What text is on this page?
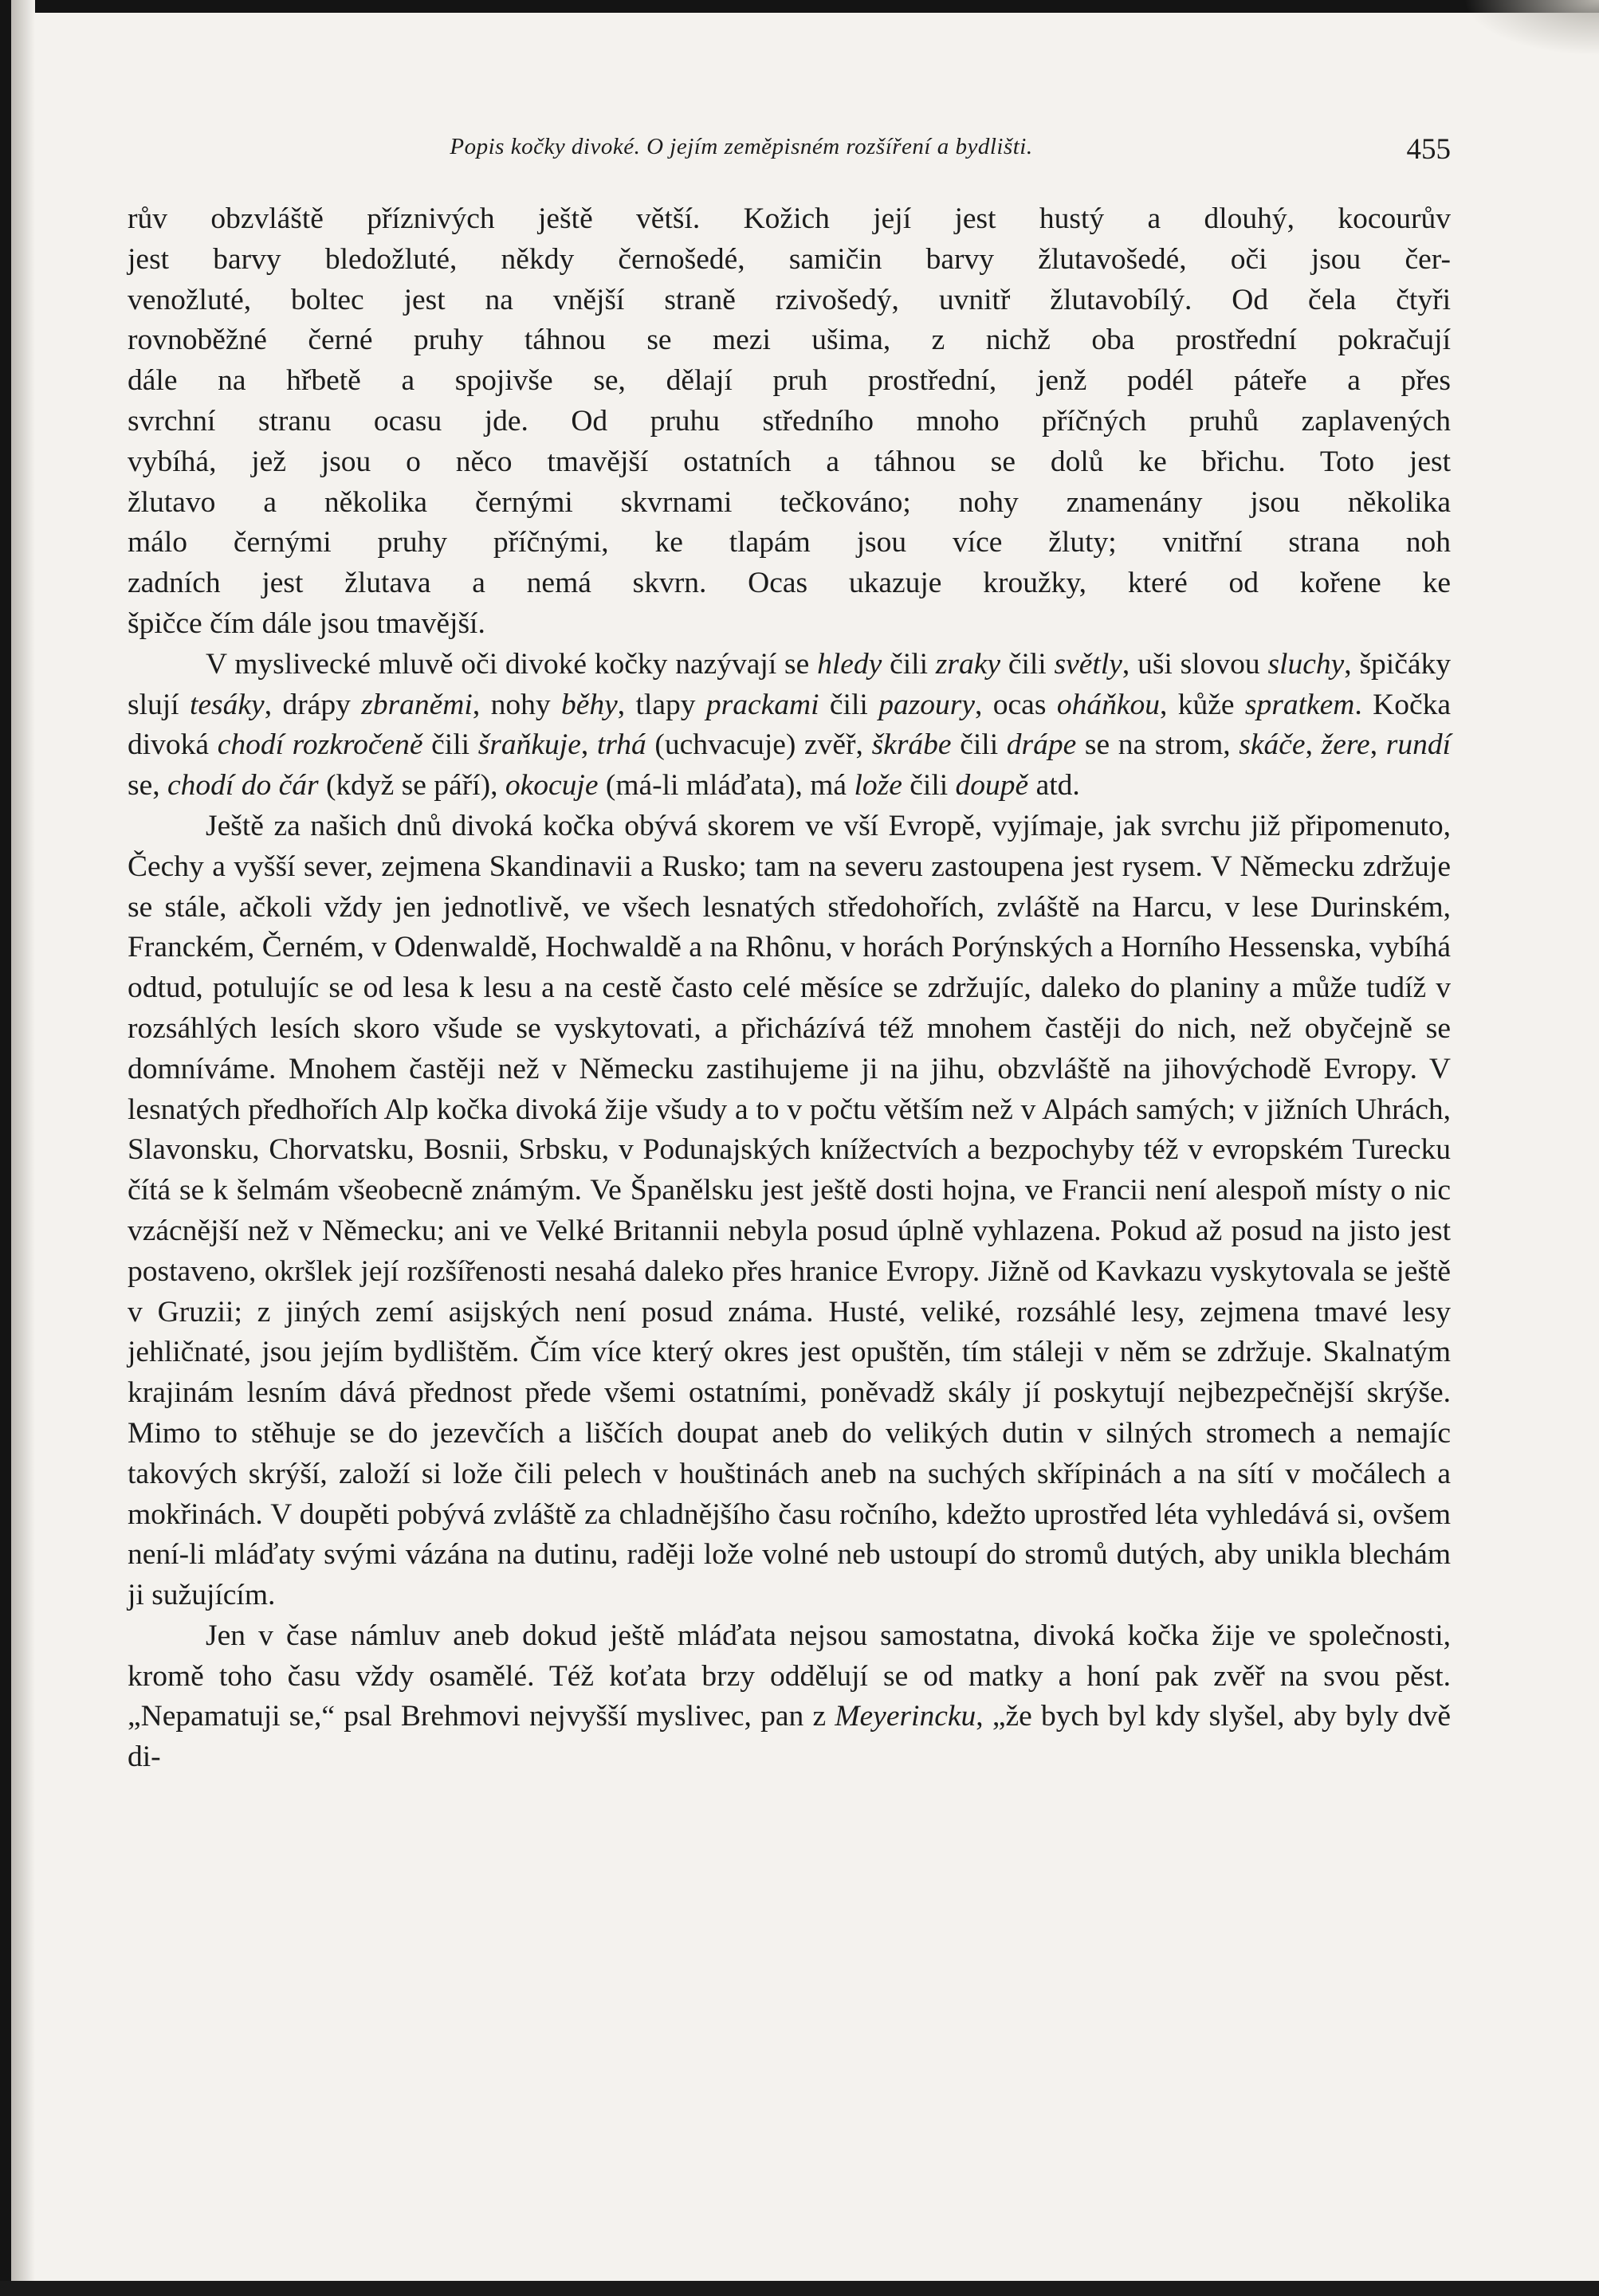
Popis kočky divoké. O jejím zeměpisném rozšíření a bydlišti.	455
rův obzvláště příznivých ještě větší. Kožich její jest hustý a dlouhý, kocourův
jest barvy bledožluté, někdy černošedé, samičin barvy žlutavošedé, oči jsou čer-
venožluté, boltec jest na vnější straně rzivošedý, uvnitř žlutavobílý. Od čela čtyři
rovnoběžné černé pruhy táhnou se mezi ušima, z nichž oba prostřední pokračují
dále na hřbetě a spojivše se, dělají pruh prostřední, jenž podél páteře a přes
svrchní stranu ocasu jde. Od pruhu středního mnoho příčných pruhů zaplavených
vybíhá, jež jsou o něco tmavější ostatních a táhnou se dolů ke břichu. Toto jest
žlutavo a několika černými skvrnami tečkováno; nohy znamenány jsou několika
málo černými pruhy příčnými, ke tlapám jsou více žluty; vnitřní strana noh
zadních jest žlutava a nemá skvrn. Ocas ukazuje kroužky, které od kořene ke
špičce čím dále jsou tmavější.

V myslivecké mluvě oči divoké kočky nazývají se hledy čili zraky čili světly, uši slovou sluchy, špičáky slují tesáky, drápy zbraněmi, nohy běhy, tlapy prackami čili pazoury, ocas oháňkou, kůže spratkem. Kočka divoká chodí rozkročeně čili šraňkuje, trhá (uchvacuje) zvěř, škrábe čili drápe se na strom, skáče, žere, rundí se, chodí do čár (když se páří), okocuje (má-li mláďata), má lože čili doupě atd.

Ještě za našich dnů divoká kočka obývá skorem ve vší Evropě, vyjímaje, jak svrchu již připomenuto, Čechy a vyšší sever, zejmena Skandinavii a Rusko; tam na severu zastoupena jest rysem. V Německu zdržuje se stále, ačkoli vždy jen jednotlivě, ve všech lesnatých středohořích, zvláště na Harcu, v lese Durinském, Franckém, Černém, v Odenwaldě, Hochwaldě a na Rhônu, v horách Porýnských a Horního Hessenska, vybíhá odtud, potulujíc se od lesa k lesu a na cestě často celé měsíce se zdržujíc, daleko do planiny a může tudíž v rozsáhlých lesích skoro všude se vyskytovati, a přicházívá též mnohem častěji do nich, než obyčejně se domníváme. Mnohem častěji než v Německu zastihujeme ji na jihu, obzvláště na jihovýchodě Evropy. V lesnatých předhořích Alp kočka divoká žije všudy a to v počtu větším než v Alpách samých; v jižních Uhrách, Slavonsku, Chorvatsku, Bosnii, Srbsku, v Podunajských knížectvích a bezpochyby též v evropském Turecku čítá se k šelmám všeobecně známým. Ve Španělsku jest ještě dosti hojna, ve Francii není alespoň místy o nic vzácnější než v Německu; ani ve Velké Britannii nebyla posud úplně vyhlazena. Pokud až posud na jisto jest postaveno, okršlek její rozšířenosti nesahá daleko přes hranice Evropy. Jižně od Kavkazu vyskytovala se ještě v Gruzii; z jiných zemí asijských není posud známa. Husté, veliké, rozsáhlé lesy, zejmena tmavé lesy jehličnaté, jsou jejím bydlištěm. Čím více který okres jest opuštěn, tím stáleji v něm se zdržuje. Skalnatým krajinám lesním dává přednost přede všemi ostatními, poněvadž skály jí poskytují nejbezpečnější skrýše. Mimo to stěhuje se do jezevčích a liščích doupat aneb do velikých dutin v silných stromech a nemajíc takových skrýší, založí si lože čili pelech v houštinách aneb na suchých skřípinách a na sítí v močálech a mokřinách. V doupěti pobývá zvláště za chladnějšího času ročního, kdežto uprostřed léta vyhledává si, ovšem není-li mláďaty svými vázána na dutinu, raději lože volné neb ustoupí do stromů dutých, aby unikla blechám ji sužujícím.

Jen v čase námluv aneb dokud ještě mláďata nejsou samostatna, divoká kočka žije ve společnosti, kromě toho času vždy osamělé. Též koťata brzy oddělují se od matky a honí pak zvěř na svou pěst. „Nepamatuji se,“ psal Brehmovi nejvyšší myslivec, pan z Meyerincku, „že bych byl kdy slyšel, aby byly dvě di-
